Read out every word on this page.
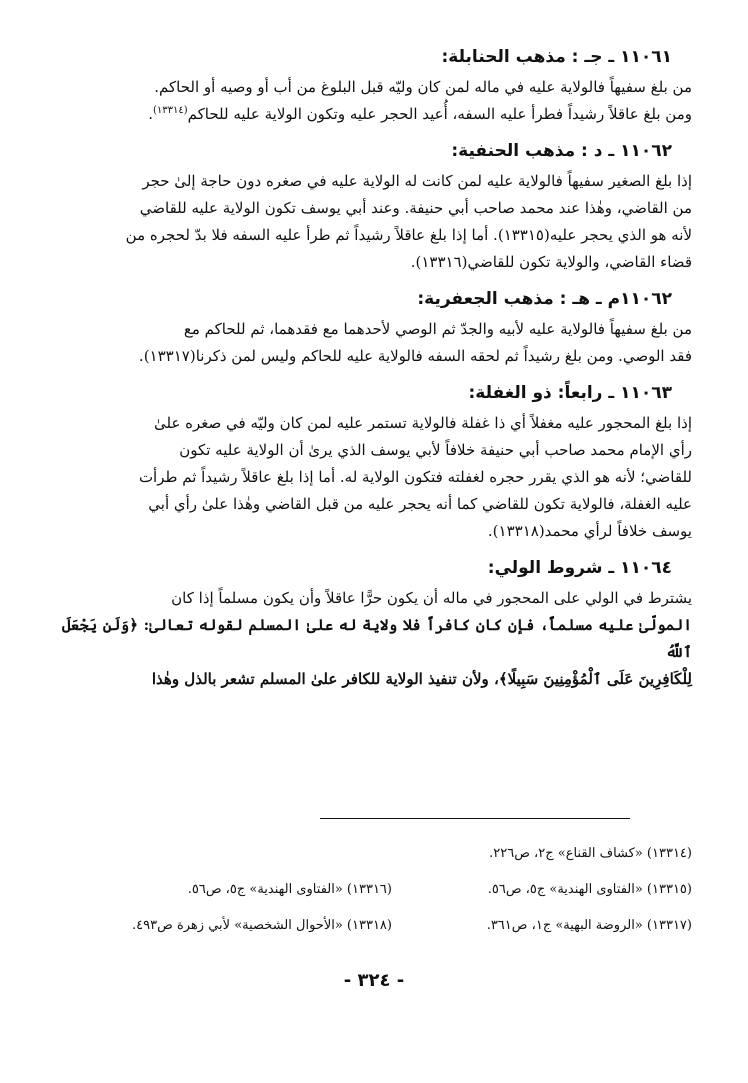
١١٠٦١ ـ جـ : مذهب الحنابلة:

من بلغ سفيهاً فالولاية عليه في ماله لمن كان وليّه قبل البلوغ من أب أو وصيه أو الحاكم.
ومن بلغ عاقلاً رشيداً فطرأ عليه السفه، أُعيد الحجر عليه وتكون الولاية عليه للحاكم$^{(١٣٣١٤)}$.

١١٠٦٢ ـ د : مذهب الحنفية:

إذا بلغ الصغير سفيهاً فالولاية عليه لمن كانت له الولاية عليه في صغره دون حاجة إلىٰ حجر
من القاضي، وهٰذا عند محمد صاحب أبي حنيفة. وعند أبي يوسف تكون الولاية عليه للقاضي
لأنه هو الذي يحجر عليه(١٣٣١٥). أما إذا بلغ عاقلاً رشيداً ثم طرأ عليه السفه فلا بدّ لحجره من
قضاء القاضي، والولاية تكون للقاضي(١٣٣١٦).

١١٠٦٢م ـ هـ : مذهب الجعفرية:

من بلغ سفيهاً فالولاية عليه لأبيه والجدّ ثم الوصي لأحدهما مع فقدهما، ثم للحاكم مع
فقد الوصي. ومن بلغ رشيداً ثم لحقه السفه فالولاية عليه للحاكم وليس لمن ذكرنا(١٣٣١٧).

١١٠٦٣ ـ رابعاً: ذو الغفلة:

إذا بلغ المحجور عليه مغفلاً أي ذا غفلة فالولاية تستمر عليه لمن كان وليّه في صغره علىٰ
رأي الإمام محمد صاحب أبي حنيفة خلافاً لأبي يوسف الذي يرىٰ أن الولاية عليه تكون
للقاضي؛ لأنه هو الذي يقرر حجره لغفلته فتكون الولاية له. أما إذا بلغ عاقلاً رشيداً ثم طرأت
عليه الغفلة، فالولاية تكون للقاضي كما أنه يحجر عليه من قبل القاضي وهٰذا علىٰ رأي أبي
يوسف خلافاً لرأي محمد(١٣٣١٨).

١١٠٦٤ ـ شروط الولي:

يشترط في الولي على المحجور في ماله أن يكون حرًّا عاقلاً وأن يكون مسلماً إذا كان
المولّىٰ عليه مسلماً، فإن كان كافراً فلا ولاية له علىٰ المسلم لقوله تعالىٰ: ﴿وَلَن يَجْعَلَ ٱللَّهُ
لِلْكَافِرِينَ عَلَى ٱلْمُؤْمِنِينَ سَبِيلًا﴾، ولأن تنفيذ الولاية للكافر علىٰ المسلم تشعر بالذل وهٰذا

(١٣٣١٤) «كشاف القناع» ج٢، ص٢٢٦.
(١٣٣١٥) «الفتاوى الهندية» ج٥، ص٥٦.
(١٣٣١٦) «الفتاوى الهندية» ج٥، ص٥٦.
(١٣٣١٧) «الروضة البهية» ج١، ص٣٦١.
(١٣٣١٨) «الأحوال الشخصية» لأبي زهرة ص٤٩٣.
- ٣٢٤ -
